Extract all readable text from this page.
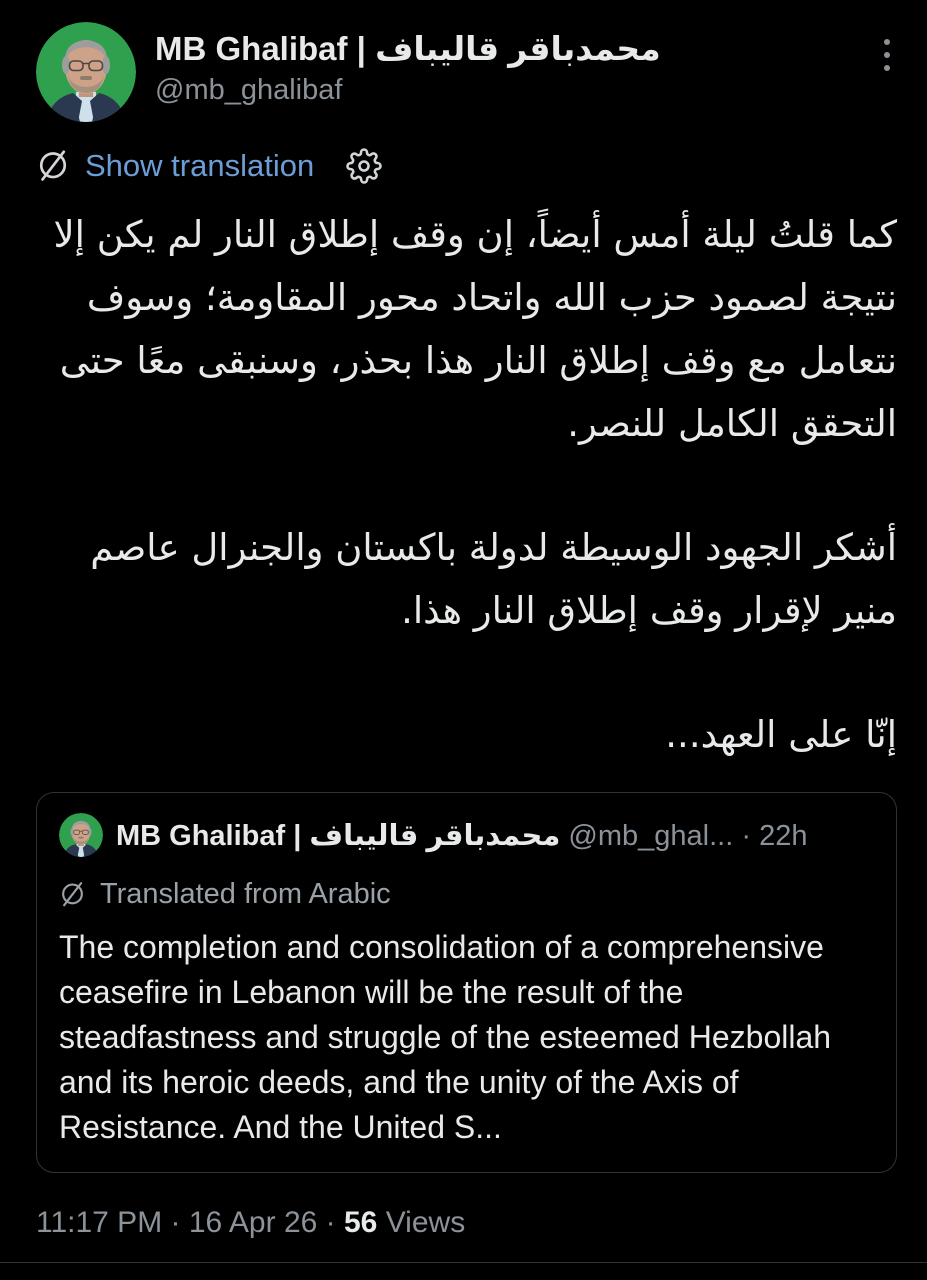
MB Ghalibaf | محمدباقر قالیباف
@mb_ghalibaf
Show translation

كما قلتُ ليلة أمس أيضاً، إن وقف إطلاق النار لم يكن إلا نتيجة لصمود حزب الله واتحاد محور المقاومة؛ وسوف نتعامل مع وقف إطلاق النار هذا بحذر، وسنبقى معًا حتى التحقق الكامل للنصر.

أشكر الجهود الوسيطة لدولة باكستان والجنرال عاصم منير لإقرار وقف إطلاق النار هذا.

إنّا على العهد...

MB Ghalibaf | محمدباقر قالیباف @mb_ghal... · 22h
Translated from Arabic
The completion and consolidation of a comprehensive ceasefire in Lebanon will be the result of the steadfastness and struggle of the esteemed Hezbollah and its heroic deeds, and the unity of the Axis of Resistance. And the United S...
11:17 PM · 16 Apr 26 · 56 Views
